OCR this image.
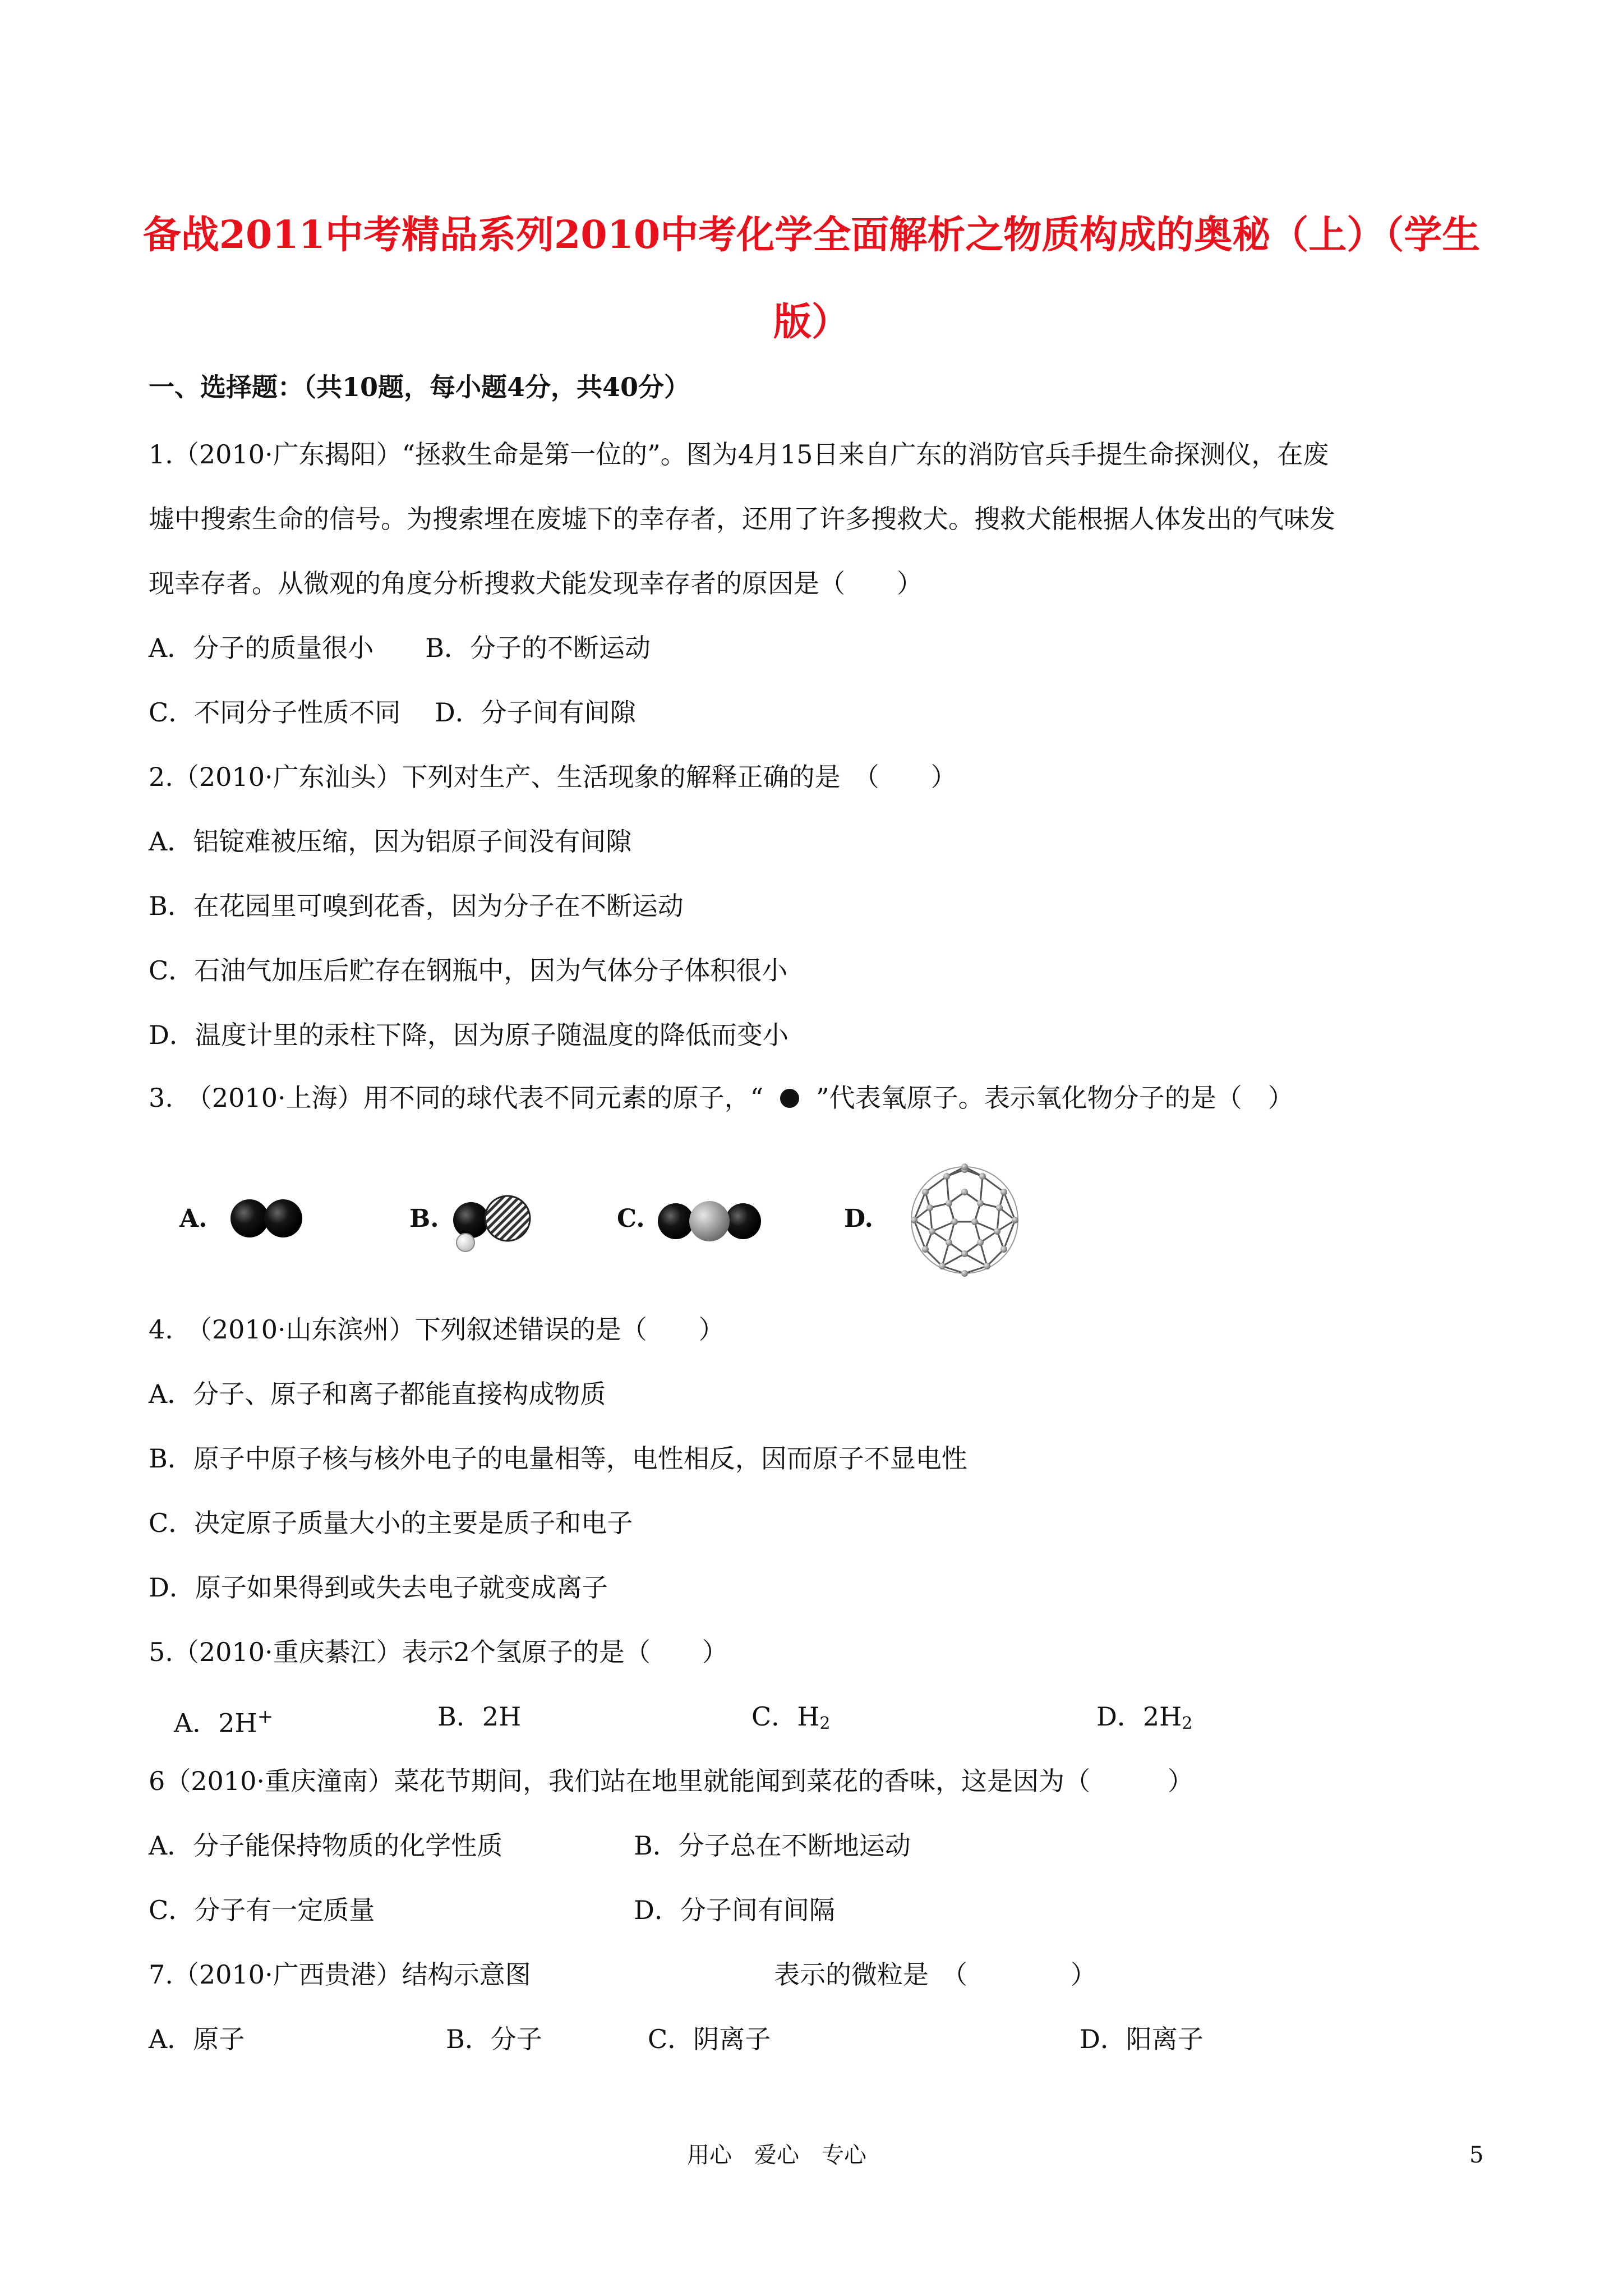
备战2011中考精品系列2010中考化学全面解析之物质构成的奥秘（上）（学生
版）
一、选择题：（共10题，每小题4分，共40分）
1.（2010·广东揭阳）“拯救生命是第一位的”。图为4月15日来自广东的消防官兵手提生命探测仪，在废
墟中搜索生命的信号。为搜索埋在废墟下的幸存者，还用了许多搜救犬。搜救犬能根据人体发出的气味发
现幸存者。从微观的角度分析搜救犬能发现幸存者的原因是（　　）
A．分子的质量很小　　B．分子的不断运动
C．不同分子性质不同　 D．分子间有间隙
2.（2010·广东汕头）下列对生产、生活现象的解释正确的是　（　　）
A．铝锭难被压缩，因为铝原子间没有间隙
B．在花园里可嗅到花香，因为分子在不断运动
C．石油气加压后贮存在钢瓶中，因为气体分子体积很小
D．温度计里的汞柱下降，因为原子随温度的降低而变小
3.　（2010·上海）用不同的球代表不同元素的原子，“ ”代表氧原子。表示氧化物分子的是（　）
A.	B.	C.	D.
4.　（2010·山东滨州）下列叙述错误的是（　　）
A．分子、原子和离子都能直接构成物质
B．原子中原子核与核外电子的电量相等，电性相反，因而原子不显电性
C．决定原子质量大小的主要是质子和电子
D．原子如果得到或失去电子就变成离子
5.（2010·重庆綦江）表示2个氢原子的是（　　）
A．2H+	B．2H	C．$H_2$	D．$2H_2$
6（2010·重庆潼南）菜花节期间，我们站在地里就能闻到菜花的香味，这是因为（　　　）
A．分子能保持物质的化学性质	B．分子总在不断地运动
C．分子有一定质量	D．分子间有间隔
7.（2010·广西贵港）结构示意图	表示的微粒是　（　　　　）
A．原子	B．分子	C．阴离子	D．阳离子
用心　爱心　专心	5
